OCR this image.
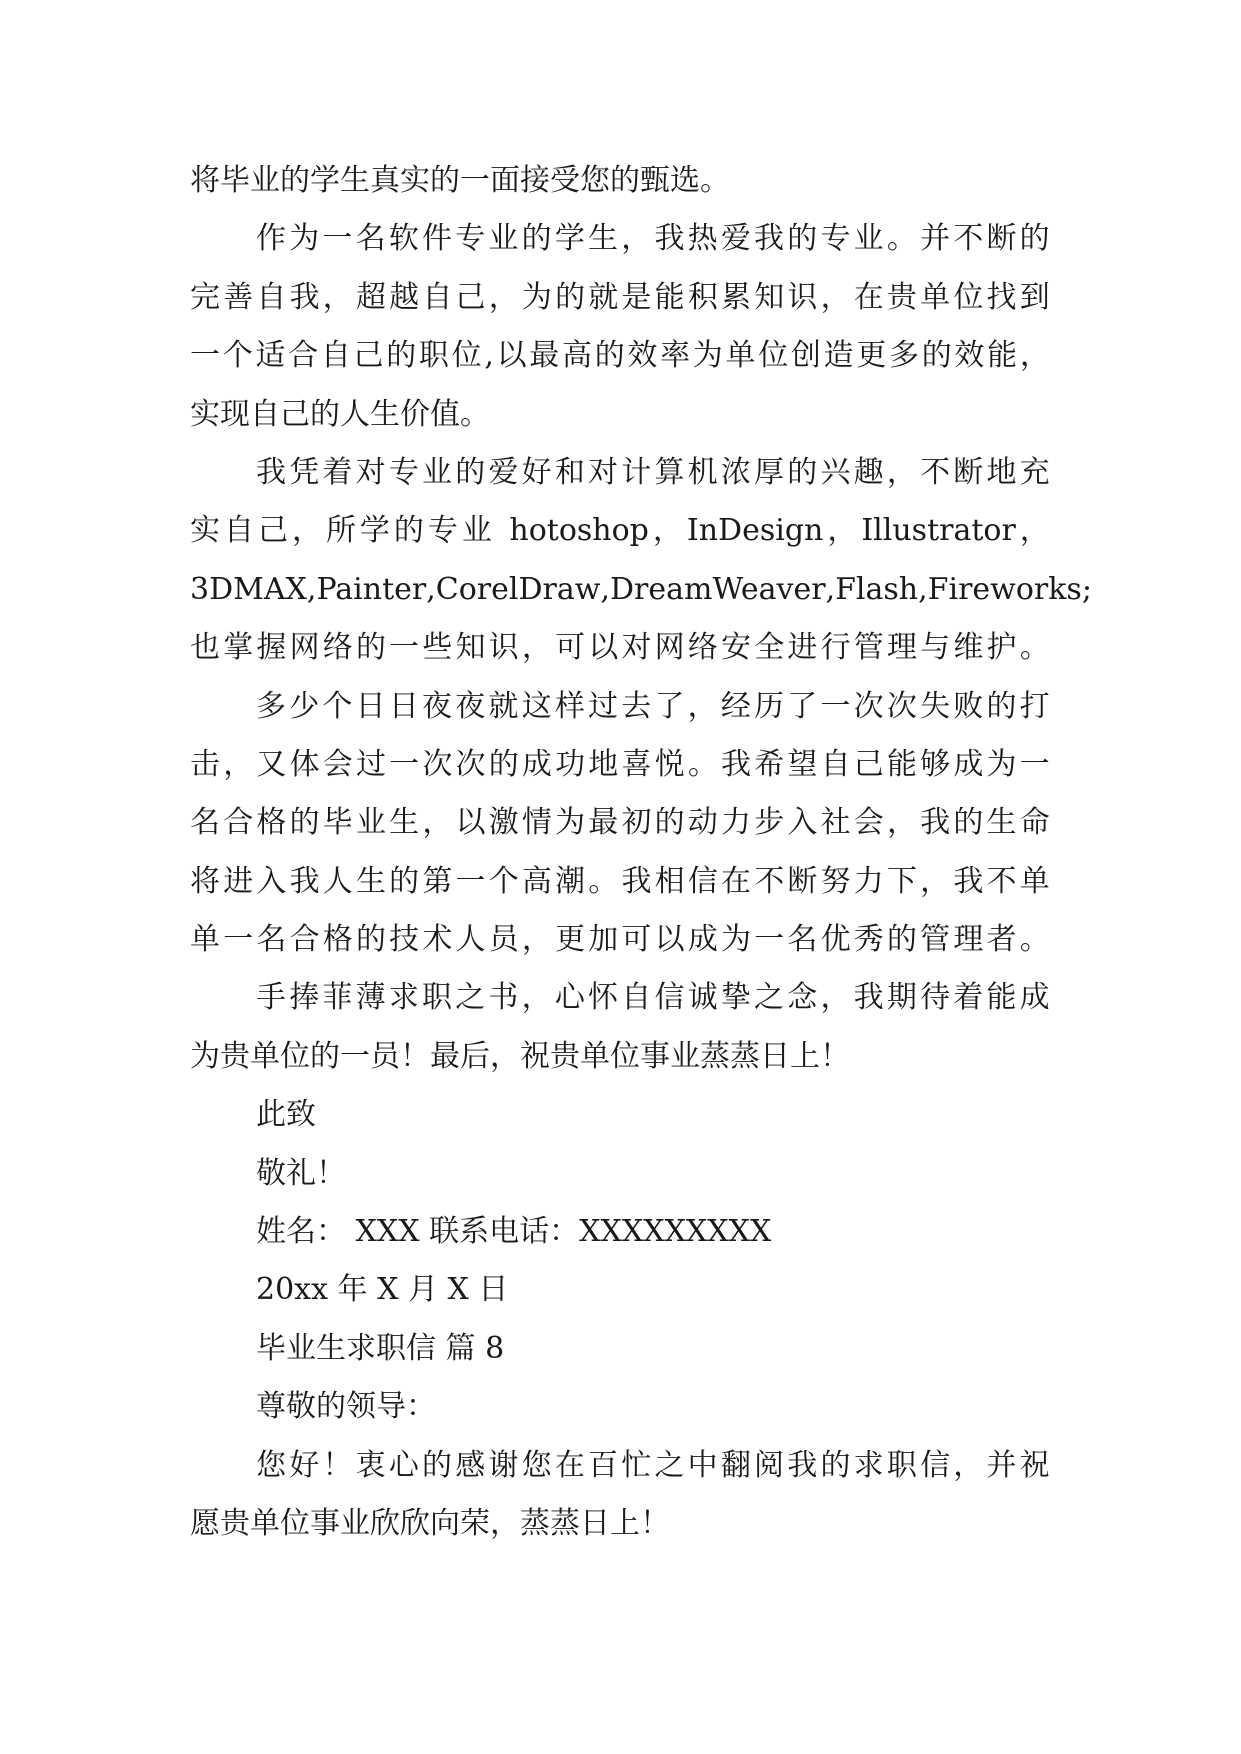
将毕业的学生真实的一面接受您的甄选。
作 为 一 名 软 件 专 业 的 学 生 ， 我 热 爱 我 的 专 业 。 并 不 断 的
完 善 自 我 ， 超 越 自 己 ， 为 的 就 是 能 积 累 知 识 ， 在 贵 单 位 找 到
一 个 适 合 自 己 的 职 位 , 以 最 高 的 效 率 为 单 位 创 造 更 多 的 效 能 ，
实现自己的人生价值。
我 凭 着 对 专 业 的 爱 好 和 对 计 算 机 浓 厚 的 兴 趣 ， 不 断 地 充
实 自 己 ， 所 学 的 专 业
hotoshop ， InDesign ， Illustrator ，
3DMAX , Painter , CorelDraw , DreamWeaver , Flash , Fireworks ;
也 掌 握 网 络 的 一 些 知 识 ， 可 以 对 网 络 安 全 进 行 管 理 与 维 护 。
多 少 个 日 日 夜 夜 就 这 样 过 去 了 ， 经 历 了 一 次 次 失 败 的 打
击 ， 又 体 会 过 一 次 次 的 成 功 地 喜 悦 。 我 希 望 自 己 能 够 成 为 一
名 合 格 的 毕 业 生 ， 以 激 情 为 最 初 的 动 力 步 入 社 会 ， 我 的 生 命
将 进 入 我 人 生 的 第 一 个 高 潮 。 我 相 信 在 不 断 努 力 下 ， 我 不 单
单 一 名 合 格 的 技 术 人 员 ， 更 加 可 以 成 为 一 名 优 秀 的 管 理 者 。
手 捧 菲 薄 求 职 之 书 ， 心 怀 自 信 诚 挚 之 念 ， 我 期 待 着 能 成
为贵单位的一员！最后，祝贵单位事业蒸蒸日上！
此致
敬礼！
姓名： XXX 联系电话：XXXXXXXXX
20xx 年 X 月 X 日
毕业生求职信 篇 8
尊敬的领导：
您 好 ！ 衷 心 的 感 谢 您 在 百 忙 之 中 翻 阅 我 的 求 职 信 ， 并 祝
愿贵单位事业欣欣向荣，蒸蒸日上！
